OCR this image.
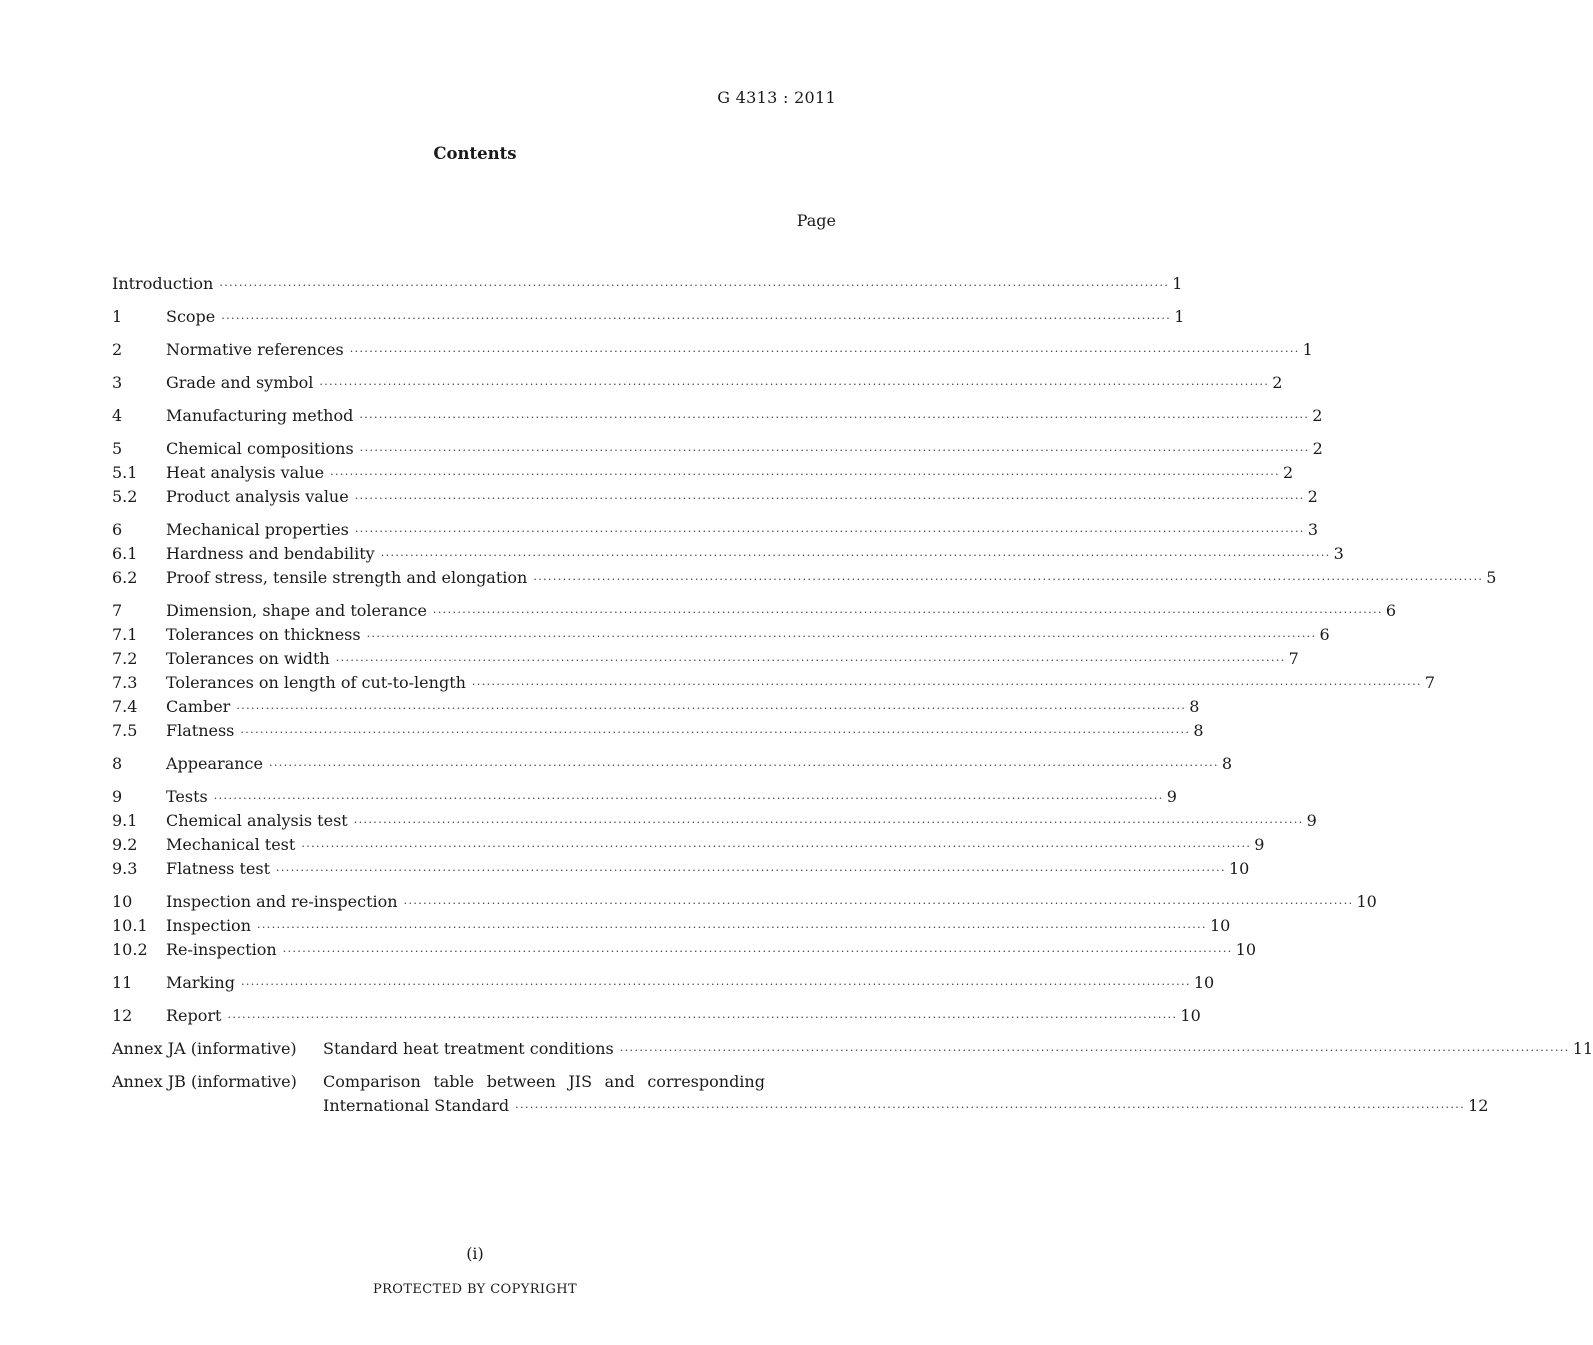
G 4313 : 2011
Contents
Page
Introduction ·····	1
1	Scope ·····	1
2	Normative references ·····	1
3	Grade and symbol ·····	2
4	Manufacturing method ·····	2
5	Chemical compositions ·····	2
5.1	Heat analysis value ·····	2
5.2	Product analysis value ·····	2
6	Mechanical properties ·····	3
6.1	Hardness and bendability ·····	3
6.2	Proof stress, tensile strength and elongation ·····	5
7	Dimension, shape and tolerance ·····	6
7.1	Tolerances on thickness ·····	6
7.2	Tolerances on width ·····	7
7.3	Tolerances on length of cut-to-length ·····	7
7.4	Camber ·····	8
7.5	Flatness ·····	8
8	Appearance ·····	8
9	Tests ·····	9
9.1	Chemical analysis test ·····	9
9.2	Mechanical test ·····	9
9.3	Flatness test ·····	10
10	Inspection and re-inspection ·····	10
10.1	Inspection ·····	10
10.2	Re-inspection ·····	10
11	Marking ·····	10
12	Report ·····	10
Annex JA (informative)	Standard heat treatment conditions ·····	11
Annex JB (informative)	Comparison table between JIS and corresponding
International Standard ·····	12
(i)
PROTECTED BY COPYRIGHT
